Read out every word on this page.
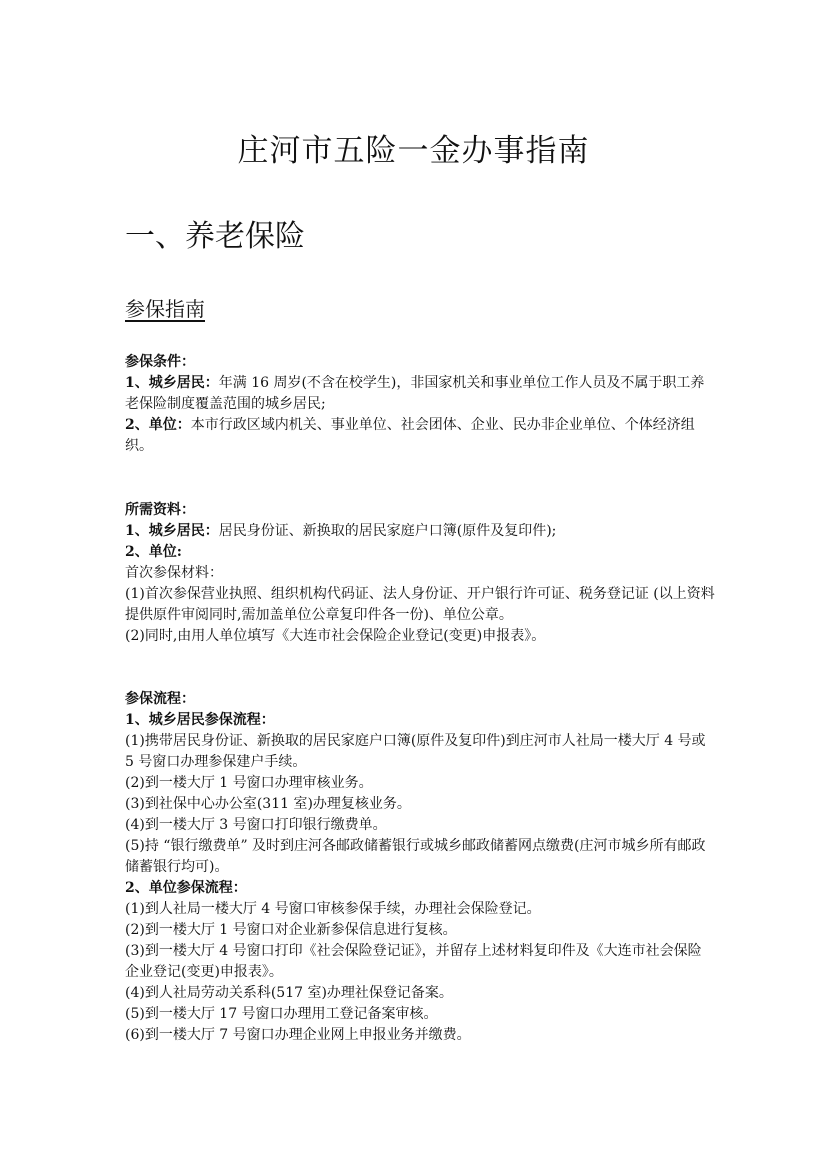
庄河市五险一金办事指南
一、养老保险
参保指南
参保条件：
1、城乡居民：年满 16 周岁(不含在校学生)，非国家机关和事业单位工作人员及不属于职工养老保险制度覆盖范围的城乡居民;
2、单位：本市行政区域内机关、事业单位、社会团体、企业、民办非企业单位、个体经济组织。
所需资料：
1、城乡居民：居民身份证、新换取的居民家庭户口簿(原件及复印件);
2、单位:
首次参保材料：
(1)首次参保营业执照、组织机构代码证、法人身份证、开户银行许可证、税务登记证 (以上资料提供原件审阅同时,需加盖单位公章复印件各一份)、单位公章。
(2)同时,由用人单位填写《大连市社会保险企业登记(变更)申报表》。
参保流程：
1、城乡居民参保流程：
(1)携带居民身份证、新换取的居民家庭户口簿(原件及复印件)到庄河市人社局一楼大厅 4 号或 5 号窗口办理参保建户手续。
(2)到一楼大厅 1 号窗口办理审核业务。
(3)到社保中心办公室(311 室)办理复核业务。
(4)到一楼大厅 3 号窗口打印银行缴费单。
(5)持 “银行缴费单” 及时到庄河各邮政储蓄银行或城乡邮政储蓄网点缴费(庄河市城乡所有邮政储蓄银行均可)。
2、单位参保流程：
(1)到人社局一楼大厅 4 号窗口审核参保手续，办理社会保险登记。
(2)到一楼大厅 1 号窗口对企业新参保信息进行复核。
(3)到一楼大厅 4 号窗口打印《社会保险登记证》，并留存上述材料复印件及《大连市社会保险企业登记(变更)申报表》。
(4)到人社局劳动关系科(517 室)办理社保登记备案。
(5)到一楼大厅 17 号窗口办理用工登记备案审核。
(6)到一楼大厅 7 号窗口办理企业网上申报业务并缴费。
